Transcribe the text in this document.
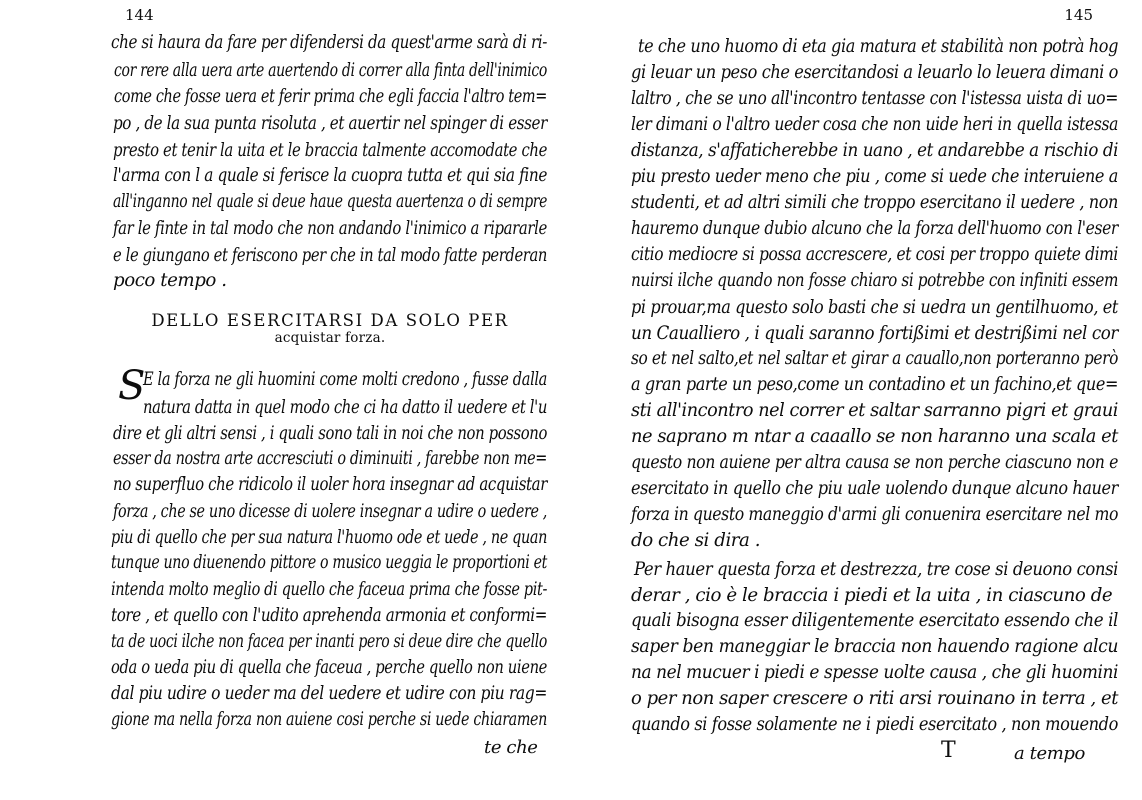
144
che si haura da fare per difendersi da quest'arme sarà di ri-
cor rere alla uera arte auertendo di correr alla finta dell'inimico
come che fosse uera et ferir prima che egli faccia l'altro tem=
po , de la sua punta risoluta , et auertir nel spinger di esser
presto et tenir la uita et le braccia talmente accomodate che
l'arma con l a quale si ferisce la cuopra tutta et qui sia fine
all'inganno nel quale si deue haue questa auertenza o di sempre
far le finte in tal modo che non andando l'inimico a ripararle
e le giungano et feriscono per che in tal modo fatte perderan
poco tempo .
DELLO ESERCITARSI DA SOLO PER
acquistar forza.
S
E la forza ne gli huomini come molti credono , fusse dalla
natura datta in quel modo che ci ha datto il uedere et l'u
dire et gli altri sensi , i quali sono tali in noi che non possono
esser da nostra arte accresciuti o diminuiti , farebbe non me=
no superfluo che ridicolo il uoler hora insegnar ad acquistar
forza , che se uno dicesse di uolere insegnar a udire o uedere ,
piu di quello che per sua natura l'huomo ode et uede , ne quan
tunque uno diuenendo pittore o musico ueggia le proportioni et
intenda molto meglio di quello che faceua prima che fosse pit-
tore , et quello con l'udito aprehenda armonia et conformi=
ta de uoci ilche non facea per inanti pero si deue dire che quello
oda o ueda piu di quella che faceua , perche quello non uiene
dal piu udire o ueder ma del uedere et udire con piu rag=
gione ma nella forza non auiene cosi perche si uede chiaramen
te che
145
te che uno huomo di eta gia matura et stabilità non potrà hog
gi leuar un peso che esercitandosi a leuarlo lo leuera dimani o
laltro , che se uno all'incontro tentasse con l'istessa uista di uo=
ler dimani o l'altro ueder cosa che non uide heri in quella istessa
distanza, s'affaticherebbe in uano , et andarebbe a rischio di
piu presto ueder meno che piu , come si uede che interuiene a
studenti, et ad altri simili che troppo esercitano il uedere , non
hauremo dunque dubio alcuno che la forza dell'huomo con l'eser
citio mediocre si possa accrescere, et cosi per troppo quiete dimi
nuirsi ilche quando non fosse chiaro si potrebbe con infiniti essem
pi prouar,ma questo solo basti che si uedra un gentilhuomo, et
un Caualliero , i quali saranno fortißimi et destrißimi nel cor
so et nel salto,et nel saltar et girar a cauallo,non porteranno però
a gran parte un peso,come un contadino et un fachino,et que=
sti all'incontro nel correr et saltar sarranno pigri et graui
ne saprano m ntar a caaallo se non haranno una scala et
questo non auiene per altra causa se non perche ciascuno non e
esercitato in quello che piu uale uolendo dunque alcuno hauer
forza in questo maneggio d'armi gli conuenira esercitare nel mo
do che si dira .
Per hauer questa forza et destrezza, tre cose si deuono consi
derar , cio è le braccia i piedi et la uita , in ciascuno de
quali bisogna esser diligentemente esercitato essendo che il
saper ben maneggiar le braccia non hauendo ragione alcu
na nel mucuer i piedi e spesse uolte causa , che gli huomini
o per non saper crescere o riti arsi rouinano in terra , et
quando si fosse solamente ne i piedi esercitato , non mouendo
T	a tempo
